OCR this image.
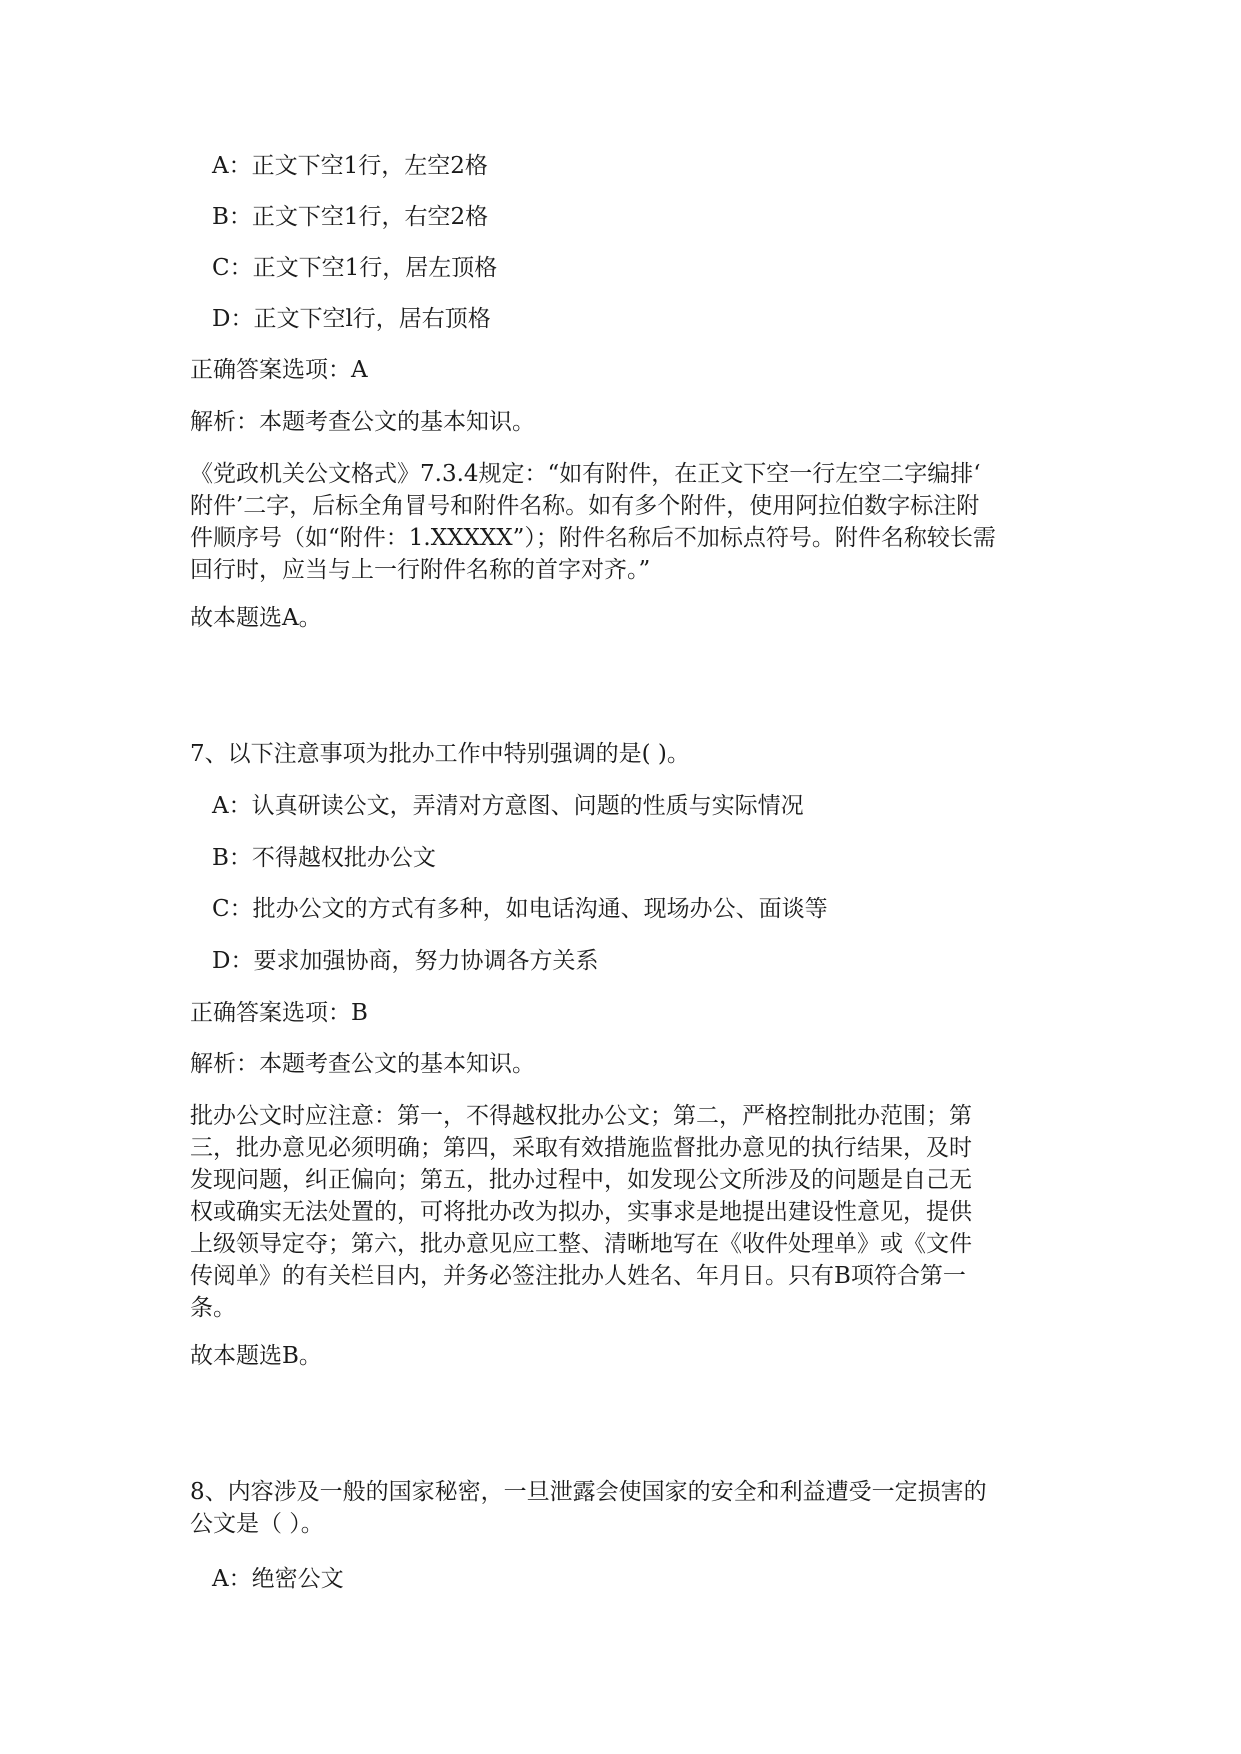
A：正文下空1行，左空2格
B：正文下空1行，右空2格
C：正文下空1行，居左顶格
D：正文下空l行，居右顶格
正确答案选项：A
解析：本题考查公文的基本知识。
《党政机关公文格式》7.3.4规定：“如有附件，在正文下空一行左空二字编排‘
附件’二字，后标全角冒号和附件名称。如有多个附件，使用阿拉伯数字标注附
件顺序号（如“附件：1.XXXXX”）；附件名称后不加标点符号。附件名称较长需
回行时，应当与上一行附件名称的首字对齐。”
故本题选A。
7、以下注意事项为批办工作中特别强调的是( )。
A：认真研读公文，弄清对方意图、问题的性质与实际情况
B：不得越权批办公文
C：批办公文的方式有多种，如电话沟通、现场办公、面谈等
D：要求加强协商，努力协调各方关系
正确答案选项：B
解析：本题考查公文的基本知识。
批办公文时应注意：第一，不得越权批办公文；第二，严格控制批办范围；第
三，批办意见必须明确；第四，采取有效措施监督批办意见的执行结果，及时
发现问题，纠正偏向；第五，批办过程中，如发现公文所涉及的问题是自己无
权或确实无法处置的，可将批办改为拟办，实事求是地提出建设性意见，提供
上级领导定夺；第六，批办意见应工整、清晰地写在《收件处理单》或《文件
传阅单》的有关栏目内，并务必签注批办人姓名、年月日。只有B项符合第一
条。
故本题选B。
8、内容涉及一般的国家秘密，一旦泄露会使国家的安全和利益遭受一定损害的
公文是（ ）。
A：绝密公文
